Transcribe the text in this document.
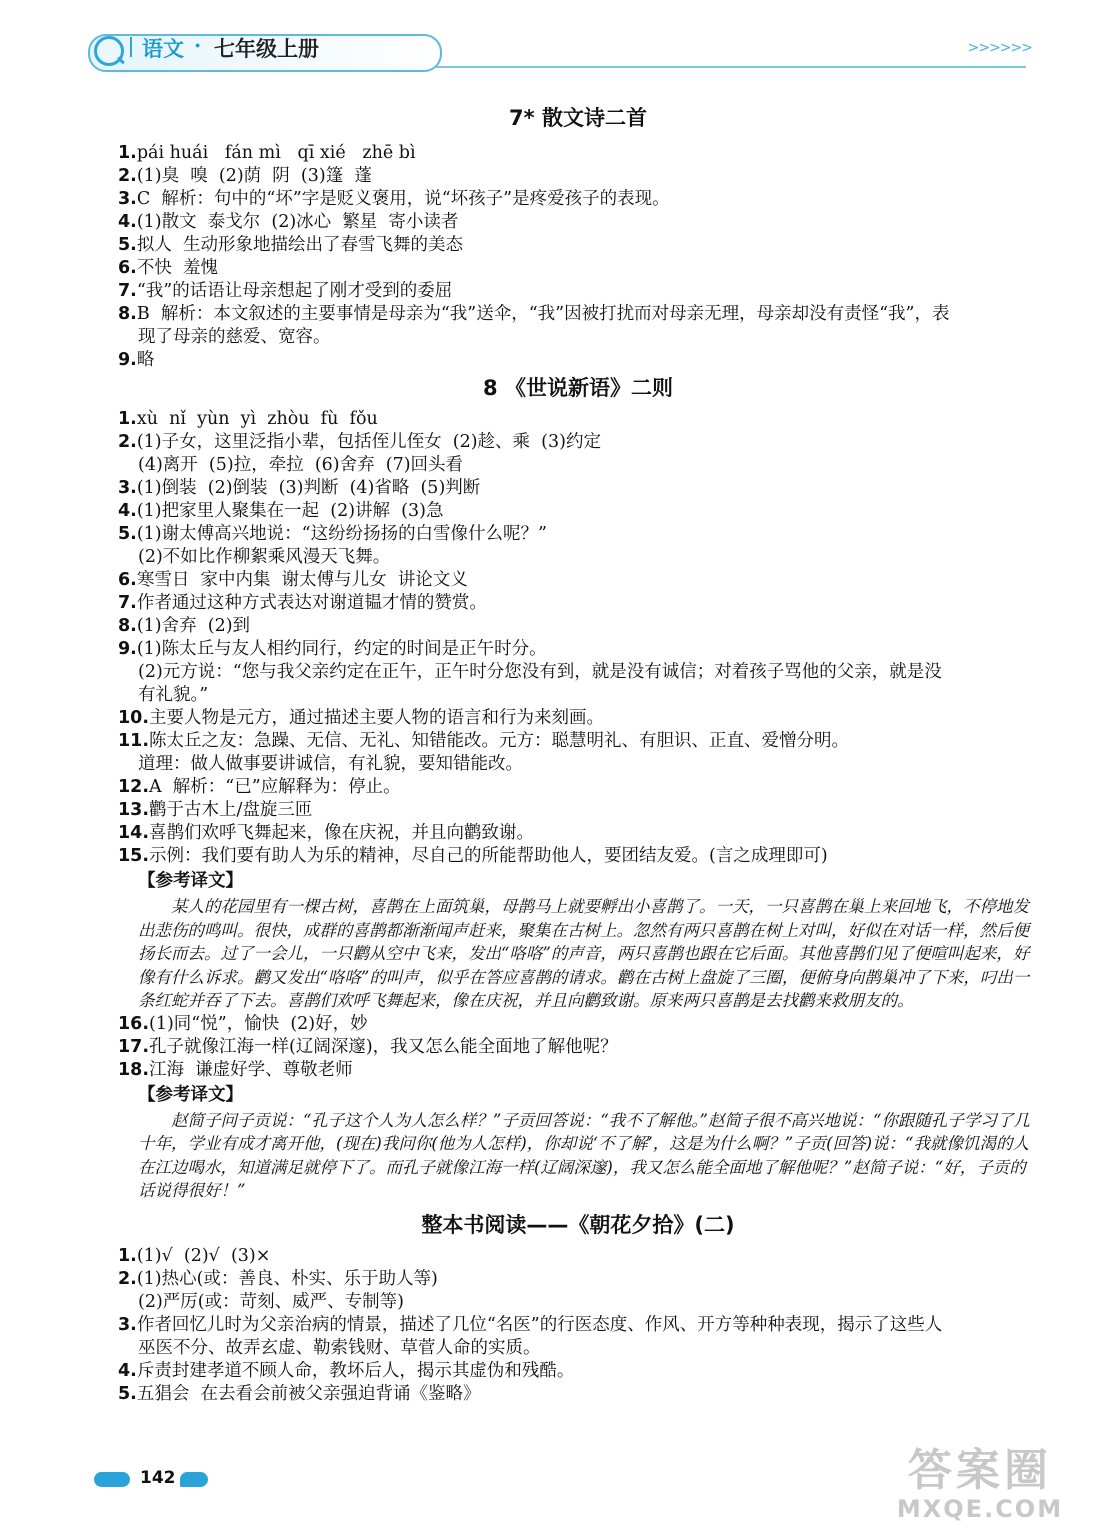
语文 · 七年级上册	>>>>>>
7* 散文诗二首
1.pái huái   fán mì   qī xié   zhē bì
2.(1)臭  嗅  (2)荫  阴  (3)篷  蓬
3.C  解析：句中的“坏”字是贬义褒用，说“坏孩子”是疼爱孩子的表现。
4.(1)散文  泰戈尔  (2)冰心  繁星  寄小读者
5.拟人  生动形象地描绘出了春雪飞舞的美态
6.不快  羞愧
7.“我”的话语让母亲想起了刚才受到的委屈
8.B  解析：本文叙述的主要事情是母亲为“我”送伞，“我”因被打扰而对母亲无理，母亲却没有责怪“我”，表
现了母亲的慈爱、宽容。
9.略
8 《世说新语》二则
1.xù  nǐ  yùn  yì  zhòu  fù  fǒu
2.(1)子女，这里泛指小辈，包括侄儿侄女  (2)趁、乘  (3)约定
(4)离开  (5)拉，牵拉  (6)舍弃  (7)回头看
3.(1)倒装  (2)倒装  (3)判断  (4)省略  (5)判断
4.(1)把家里人聚集在一起  (2)讲解  (3)急
5.(1)谢太傅高兴地说：“这纷纷扬扬的白雪像什么呢？”
(2)不如比作柳絮乘风漫天飞舞。
6.寒雪日  家中内集  谢太傅与儿女  讲论文义
7.作者通过这种方式表达对谢道韫才情的赞赏。
8.(1)舍弃  (2)到
9.(1)陈太丘与友人相约同行，约定的时间是正午时分。
(2)元方说：“您与我父亲约定在正午，正午时分您没有到，就是没有诚信；对着孩子骂他的父亲，就是没
有礼貌。”
10.主要人物是元方，通过描述主要人物的语言和行为来刻画。
11.陈太丘之友：急躁、无信、无礼、知错能改。元方：聪慧明礼、有胆识、正直、爱憎分明。
道理：做人做事要讲诚信，有礼貌，要知错能改。
12.A  解析：“已”应解释为：停止。
13.鹳于古木上/盘旋三匝
14.喜鹊们欢呼飞舞起来，像在庆祝，并且向鹳致谢。
15.示例：我们要有助人为乐的精神，尽自己的所能帮助他人，要团结友爱。(言之成理即可)
【参考译文】

某人的花园里有一棵古树，喜鹊在上面筑巢，母鹊马上就要孵出小喜鹊了。一天，一只喜鹊在巢上来回地飞，不停地发出悲伤的鸣叫。很快，成群的喜鹊都渐渐闻声赶来，聚集在古树上。忽然有两只喜鹊在树上对叫，好似在对话一样，然后便扬长而去。过了一会儿，一只鹳从空中飞来，发出“咯咯”的声音，两只喜鹊也跟在它后面。其他喜鹊们见了便喧叫起来，好像有什么诉求。鹳又发出“咯咯”的叫声，似乎在答应喜鹊的请求。鹳在古树上盘旋了三圈，便俯身向鹊巢冲了下来，叼出一条红蛇并吞了下去。喜鹊们欢呼飞舞起来，像在庆祝，并且向鹳致谢。原来两只喜鹊是去找鹳来救朋友的。

16.(1)同“悦”，愉快  (2)好，妙
17.孔子就像江海一样(辽阔深邃)，我又怎么能全面地了解他呢？
18.江海  谦虚好学、尊敬老师
【参考译文】

赵简子问子贡说：“孔子这个人为人怎么样？”子贡回答说：“我不了解他。”赵简子很不高兴地说：“你跟随孔子学习了几十年，学业有成才离开他，(现在)我问你(他为人怎样)，你却说‘不了解’，这是为什么啊？”子贡(回答)说：“我就像饥渴的人在江边喝水，知道满足就停下了。而孔子就像江海一样(辽阔深邃)，我又怎么能全面地了解他呢？”赵简子说：“好，子贡的话说得很好！”

整本书阅读——《朝花夕拾》(二)
1.(1)√  (2)√  (3)×
2.(1)热心(或：善良、朴实、乐于助人等)
(2)严厉(或：苛刻、威严、专制等)
3.作者回忆儿时为父亲治病的情景，描述了几位“名医”的行医态度、作风、开方等种种表现，揭示了这些人
巫医不分、故弄玄虚、勒索钱财、草菅人命的实质。
4.斥责封建孝道不顾人命，教坏后人，揭示其虚伪和残酷。
5.五猖会  在去看会前被父亲强迫背诵《鉴略》
142	答案圈
MXQE.COM
